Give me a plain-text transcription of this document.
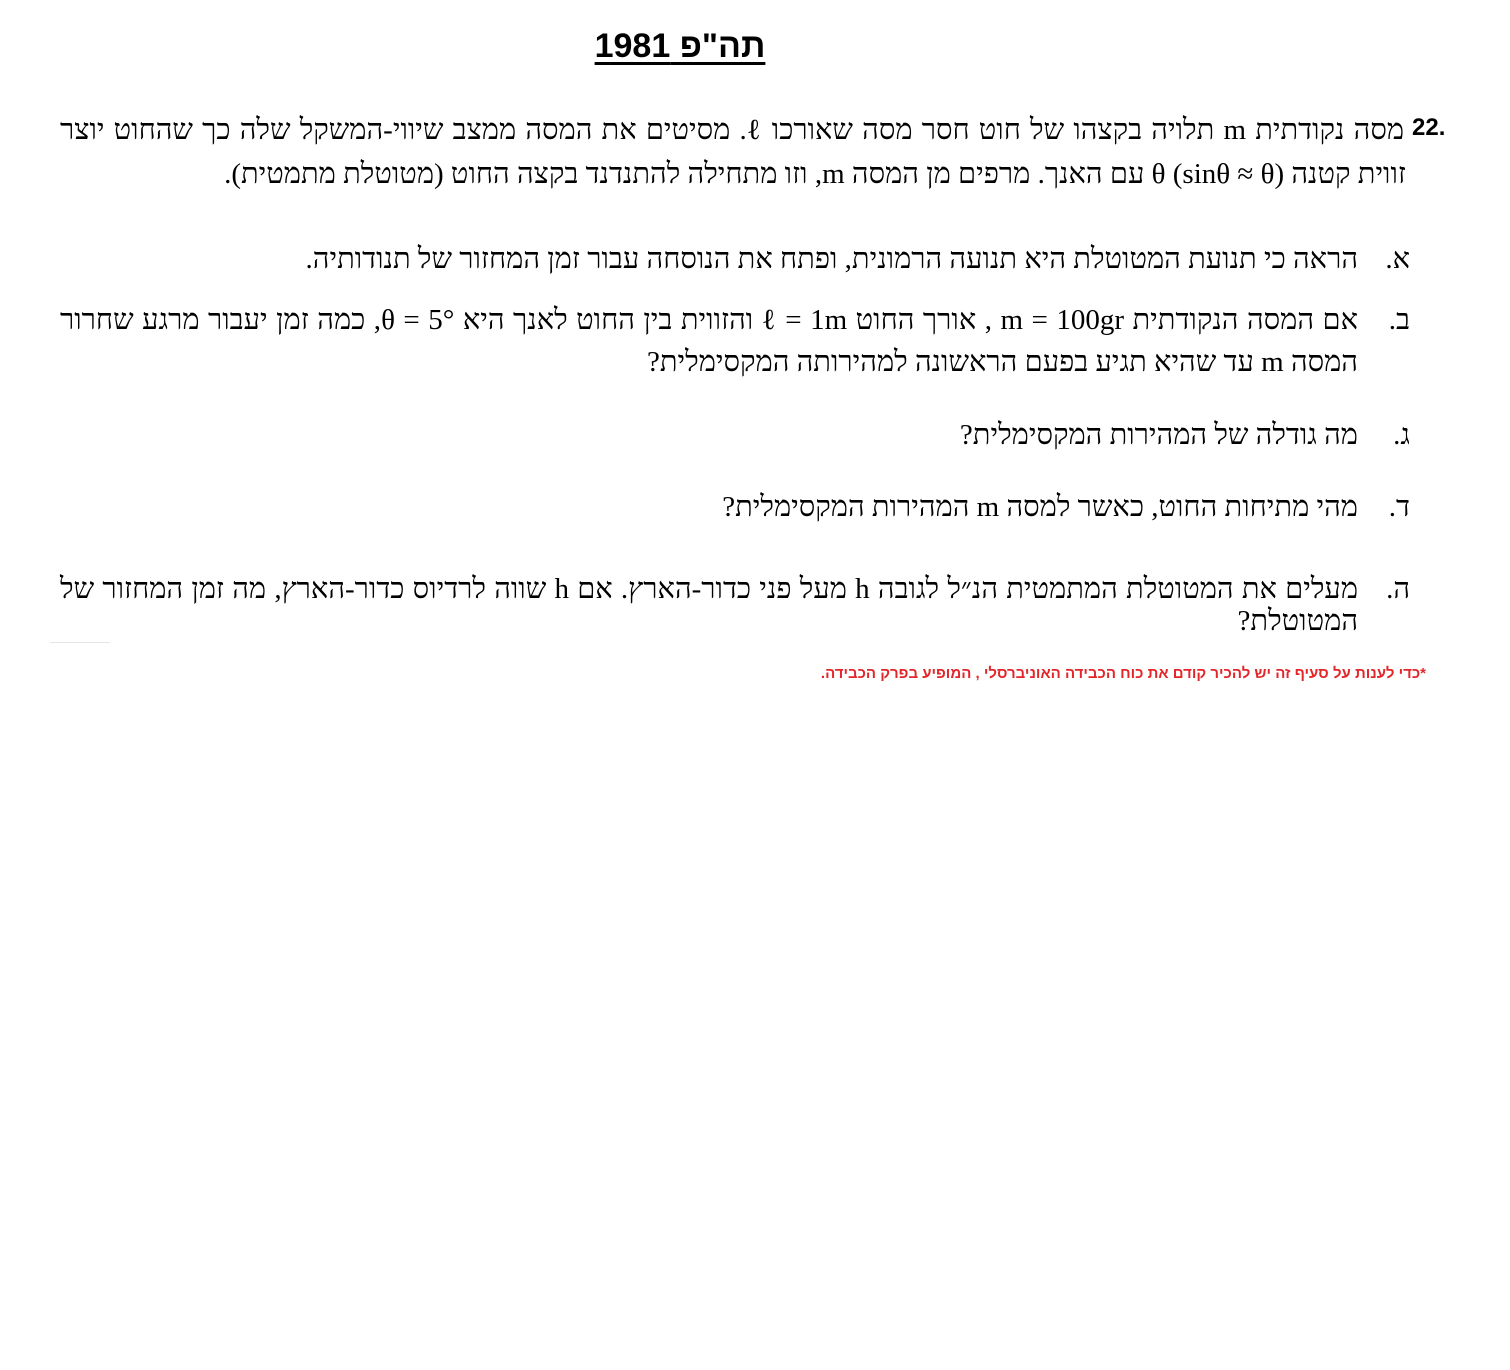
תה"פ 1981
22.
מסה נקודתית m תלויה בקצהו של חוט חסר מסה שאורכו ℓ. מסיטים את המסה ממצב שיווי-המשקל שלה כך שהחוט יוצר זווית קטנה θ (sinθ ≈ θ) עם האנך. מרפים מן המסה m, וזו מתחילה להתנדנד בקצה החוט (מטוטלת מתמטית).
א.
הראה כי תנועת המטוטלת היא תנועה הרמונית, ופתח את הנוסחה עבור זמן המחזור של תנודותיה.
ב.
אם המסה הנקודתית m = 100gr , אורך החוט ℓ = 1m והזווית בין החוט לאנך היא θ = 5°, כמה זמן יעבור מרגע שחרור המסה m עד שהיא תגיע בפעם הראשונה למהירותה המקסימלית?
ג.
מה גודלה של המהירות המקסימלית?
ד.
מהי מתיחות החוט, כאשר למסה m המהירות המקסימלית?
ה.
מעלים את המטוטלת המתמטית הנ״ל לגובה h מעל פני כדור-הארץ. אם h שווה לרדיוס כדור-הארץ, מה זמן המחזור של המטוטלת?
*כדי לענות על סעיף זה יש להכיר קודם את כוח הכבידה האוניברסלי , המופיע בפרק הכבידה.
